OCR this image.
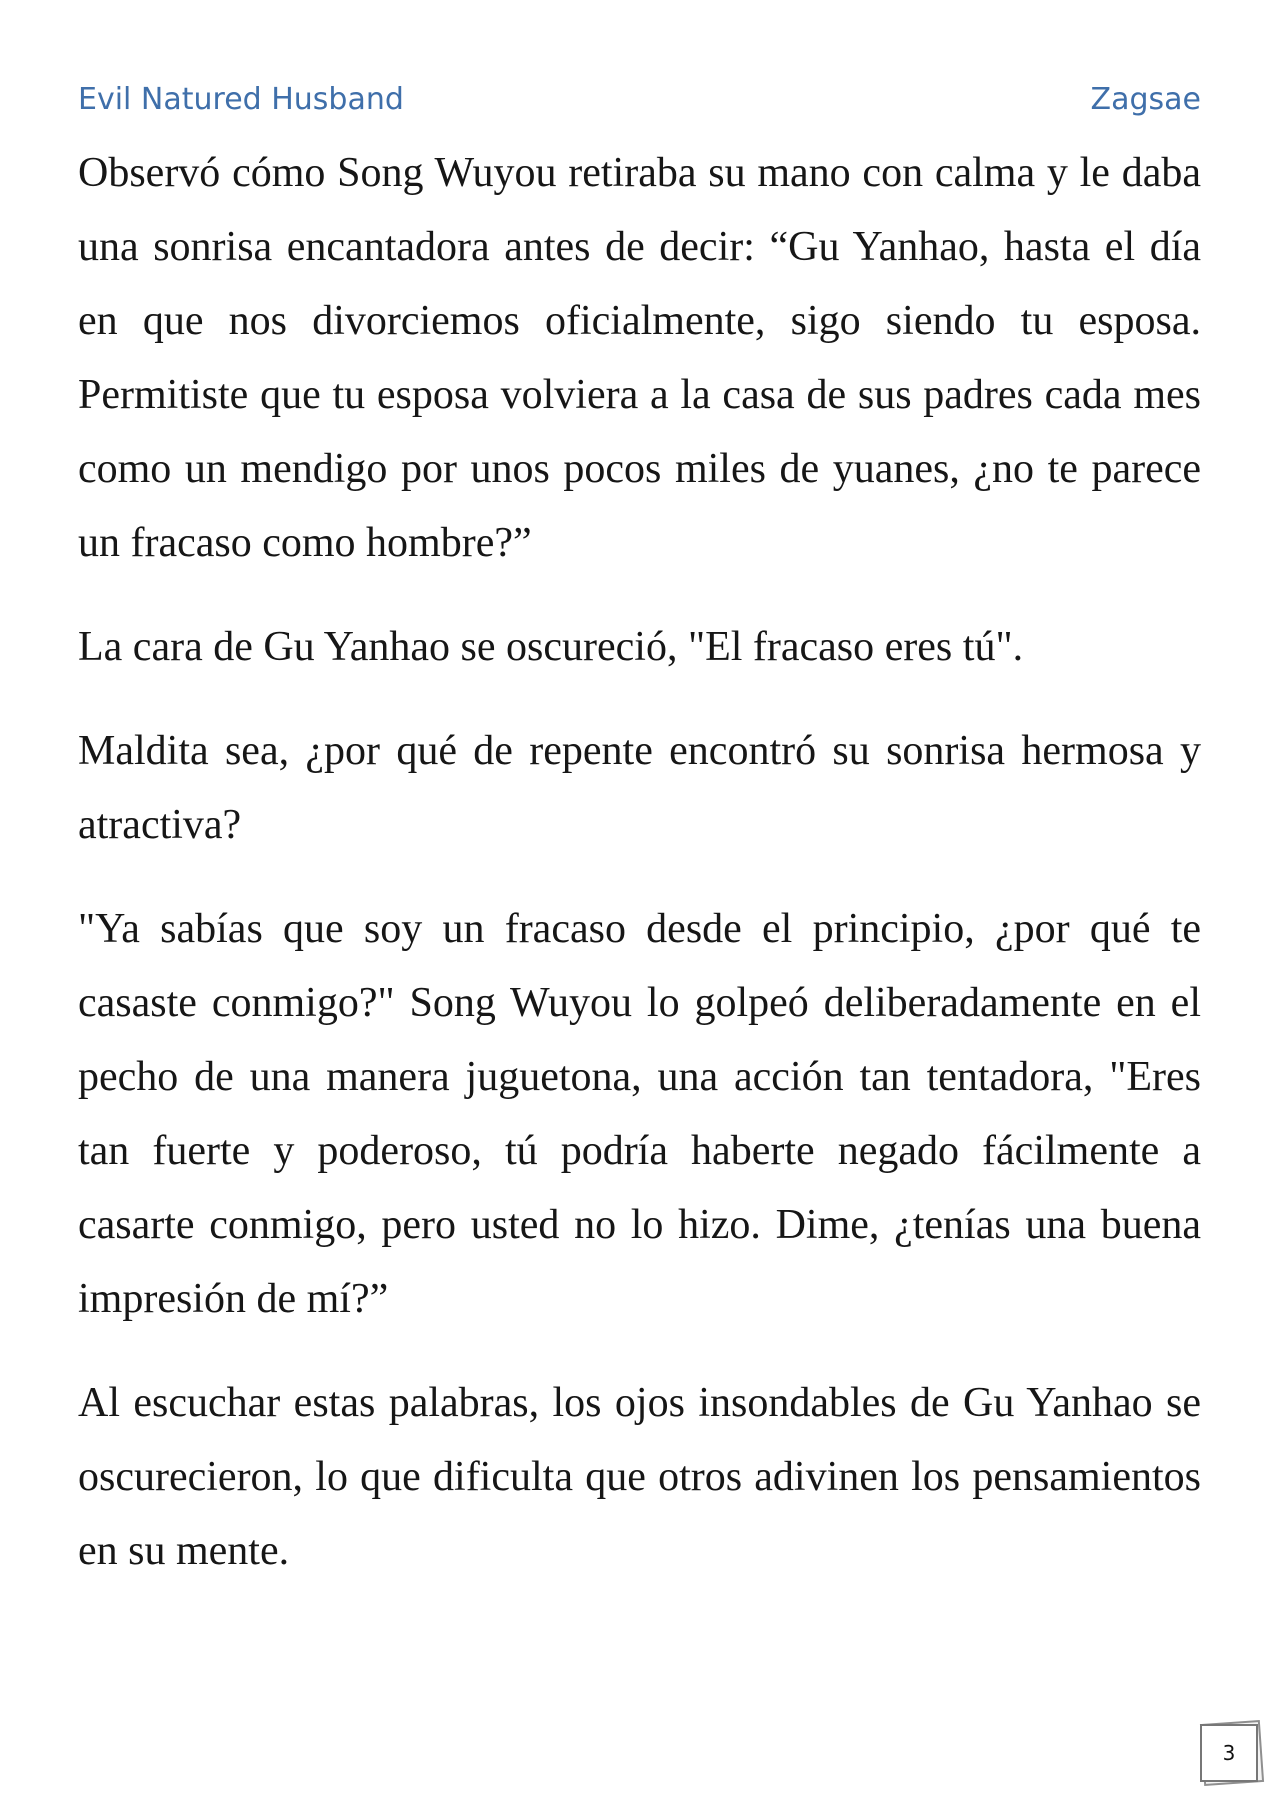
Evil Natured Husband	Zagsae

Observó cómo Song Wuyou retiraba su mano con calma y le daba una sonrisa encantadora antes de decir: “Gu Yanhao, hasta el día en que nos divorciemos oficialmente, sigo siendo tu esposa. Permitiste que tu esposa volviera a la casa de sus padres cada mes como un mendigo por unos pocos miles de yuanes, ¿no te parece un fracaso como hombre?”

La cara de Gu Yanhao se oscureció, "El fracaso eres tú".

Maldita sea, ¿por qué de repente encontró su sonrisa hermosa y atractiva?

"Ya sabías que soy un fracaso desde el principio, ¿por qué te casaste conmigo?" Song Wuyou lo golpeó deliberadamente en el pecho de una manera juguetona, una acción tan tentadora, "Eres tan fuerte y poderoso, tú podría haberte negado fácilmente a casarte conmigo, pero usted no lo hizo. Dime, ¿tenías una buena impresión de mí?”

Al escuchar estas palabras, los ojos insondables de Gu Yanhao se oscurecieron, lo que dificulta que otros adivinen los pensamientos en su mente.

3
